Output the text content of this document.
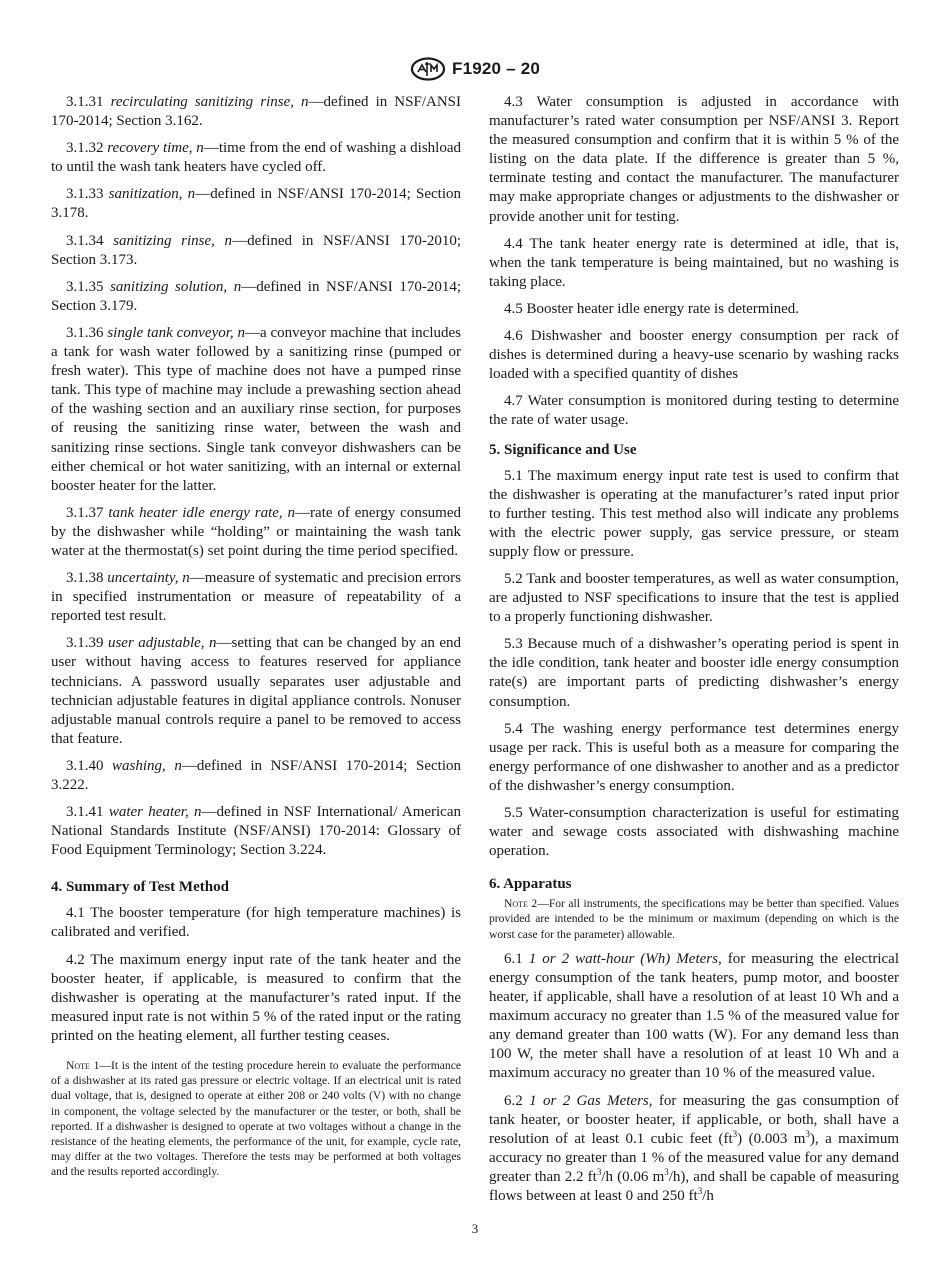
F1920 – 20

3.1.31 recirculating sanitizing rinse, n—defined in NSF/ANSI 170-2014; Section 3.162.

3.1.32 recovery time, n—time from the end of washing a dishload to until the wash tank heaters have cycled off.

3.1.33 sanitization, n—defined in NSF/ANSI 170-2014; Section 3.178.

3.1.34 sanitizing rinse, n—defined in NSF/ANSI 170-2010; Section 3.173.

3.1.35 sanitizing solution, n—defined in NSF/ANSI 170-2014; Section 3.179.

3.1.36 single tank conveyor, n—a conveyor machine that includes a tank for wash water followed by a sanitizing rinse (pumped or fresh water). This type of machine does not have a pumped rinse tank. This type of machine may include a prewashing section ahead of the washing section and an auxiliary rinse section, for purposes of reusing the sanitizing rinse water, between the wash and sanitizing rinse sections. Single tank conveyor dishwashers can be either chemical or hot water sanitizing, with an internal or external booster heater for the latter.

3.1.37 tank heater idle energy rate, n—rate of energy consumed by the dishwasher while “holding” or maintaining the wash tank water at the thermostat(s) set point during the time period specified.

3.1.38 uncertainty, n—measure of systematic and precision errors in specified instrumentation or measure of repeatability of a reported test result.

3.1.39 user adjustable, n—setting that can be changed by an end user without having access to features reserved for appliance technicians. A password usually separates user adjustable and technician adjustable features in digital appliance controls. Nonuser adjustable manual controls require a panel to be removed to access that feature.

3.1.40 washing, n—defined in NSF/ANSI 170-2014; Section 3.222.

3.1.41 water heater, n—defined in NSF International/ American National Standards Institute (NSF/ANSI) 170-2014: Glossary of Food Equipment Terminology; Section 3.224.

4. Summary of Test Method

4.1 The booster temperature (for high temperature machines) is calibrated and verified.

4.2 The maximum energy input rate of the tank heater and the booster heater, if applicable, is measured to confirm that the dishwasher is operating at the manufacturer’s rated input. If the measured input rate is not within 5 % of the rated input or the rating printed on the heating element, all further testing ceases.

Note 1—It is the intent of the testing procedure herein to evaluate the performance of a dishwasher at its rated gas pressure or electric voltage. If an electrical unit is rated dual voltage, that is, designed to operate at either 208 or 240 volts (V) with no change in component, the voltage selected by the manufacturer or the tester, or both, shall be reported. If a dishwasher is designed to operate at two voltages without a change in the resistance of the heating elements, the performance of the unit, for example, cycle rate, may differ at the two voltages. Therefore the tests may be performed at both voltages and the results reported accordingly.

4.3 Water consumption is adjusted in accordance with manufacturer’s rated water consumption per NSF/ANSI 3. Report the measured consumption and confirm that it is within 5 % of the listing on the data plate. If the difference is greater than 5 %, terminate testing and contact the manufacturer. The manufacturer may make appropriate changes or adjustments to the dishwasher or provide another unit for testing.

4.4 The tank heater energy rate is determined at idle, that is, when the tank temperature is being maintained, but no washing is taking place.

4.5 Booster heater idle energy rate is determined.

4.6 Dishwasher and booster energy consumption per rack of dishes is determined during a heavy-use scenario by washing racks loaded with a specified quantity of dishes

4.7 Water consumption is monitored during testing to determine the rate of water usage.

5. Significance and Use

5.1 The maximum energy input rate test is used to confirm that the dishwasher is operating at the manufacturer’s rated input prior to further testing. This test method also will indicate any problems with the electric power supply, gas service pressure, or steam supply flow or pressure.

5.2 Tank and booster temperatures, as well as water consumption, are adjusted to NSF specifications to insure that the test is applied to a properly functioning dishwasher.

5.3 Because much of a dishwasher’s operating period is spent in the idle condition, tank heater and booster idle energy consumption rate(s) are important parts of predicting dishwasher’s energy consumption.

5.4 The washing energy performance test determines energy usage per rack. This is useful both as a measure for comparing the energy performance of one dishwasher to another and as a predictor of the dishwasher’s energy consumption.

5.5 Water-consumption characterization is useful for estimating water and sewage costs associated with dishwashing machine operation.

6. Apparatus

Note 2—For all instruments, the specifications may be better than specified. Values provided are intended to be the minimum or maximum (depending on which is the worst case for the parameter) allowable.

6.1 1 or 2 watt-hour (Wh) Meters, for measuring the electrical energy consumption of the tank heaters, pump motor, and booster heater, if applicable, shall have a resolution of at least 10 Wh and a maximum accuracy no greater than 1.5 % of the measured value for any demand greater than 100 watts (W). For any demand less than 100 W, the meter shall have a resolution of at least 10 Wh and a maximum accuracy no greater than 10 % of the measured value.

6.2 1 or 2 Gas Meters, for measuring the gas consumption of tank heater, or booster heater, if applicable, or both, shall have a resolution of at least 0.1 cubic feet $(ft^3)$ (0.003 $m^3$), a maximum accuracy no greater than 1 % of the measured value for any demand greater than 2.2 $ft^3/h$ (0.06 $m^3/h$), and shall be capable of measuring flows between at least 0 and 250 $ft^3/h$

3
